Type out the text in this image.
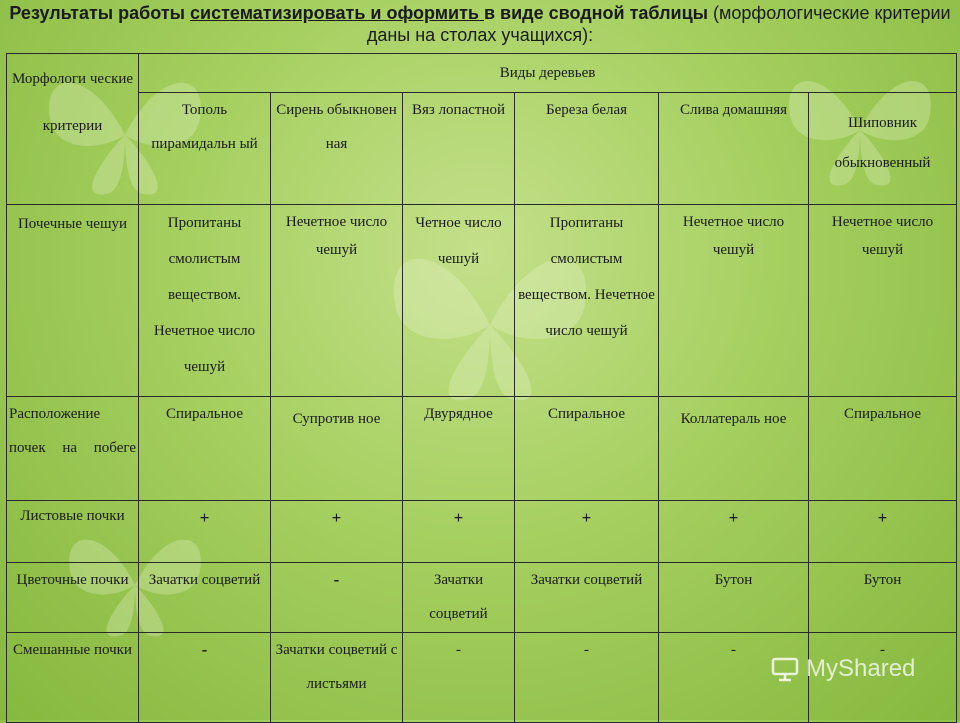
Результаты работы систематизировать и оформить в виде сводной таблицы (морфологические критерии даны на столах учащихся):
Морфологи ческие критерии	Виды деревьев					
	Тополь пирамидальн ый	Сирень обыкновен ная	Вяз лопастной	Береза белая	Слива домашняя	Шиповник обыкновенный
Почечные чешуи	Пропитаны смолистым веществом. Нечетное число чешуй	Нечетное число чешуй	Четное число чешуй	Пропитаны смолистым веществом. Нечетное число чешуй	Нечетное число чешуй	Нечетное число чешуй

Расположение почек на побеге	Спиральное	Супротив ное	Двурядное	Спиральное	Коллатераль ное	Спиральное
Листовые почки	+	+	+	+	+	+
Цветочные почки	Зачатки соцветий	-	Зачатки соцветий	Зачатки соцветий	Бутон	Бутон
Смешанные почки	-	Зачатки соцветий с листьями	-	-	-	-
MyShared
